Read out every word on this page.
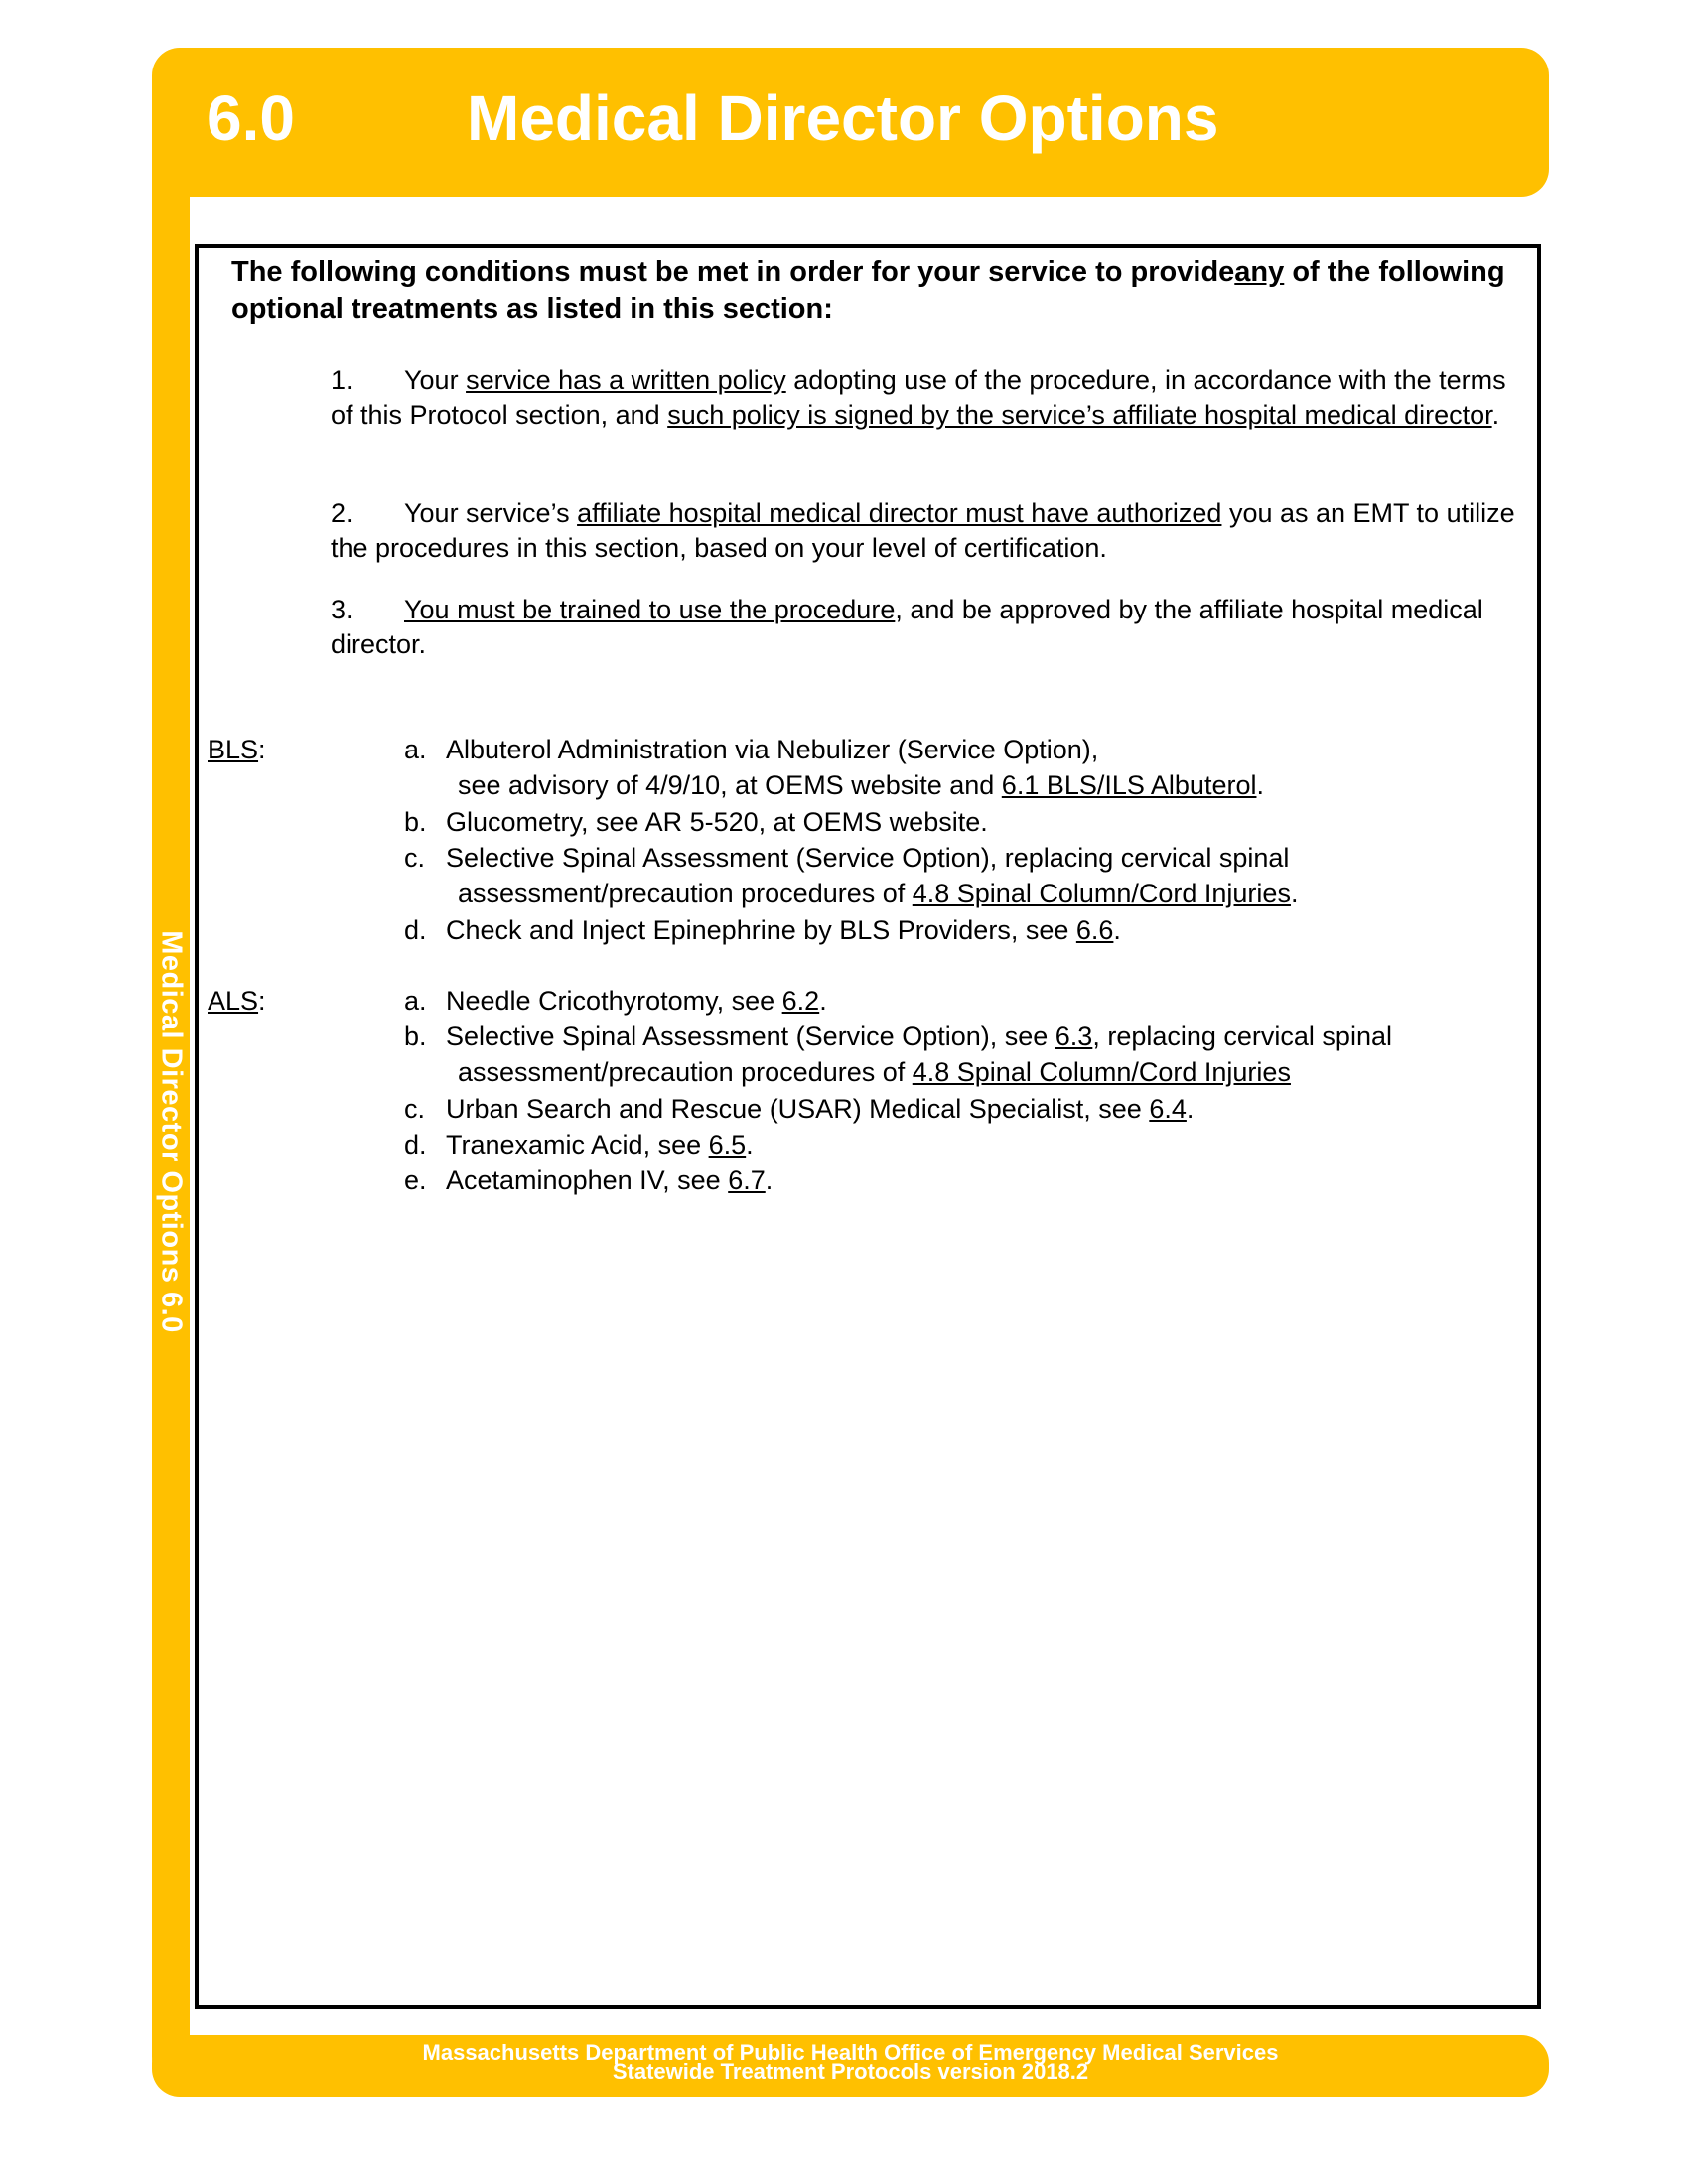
6.0	Medical Director Options
Medical Director Options 6.0
The following conditions must be met in order for your service to provideany of the following optional treatments as listed in this section:
1. Your service has a written policy adopting use of the procedure, in accordance with the terms of this Protocol section, and such policy is signed by the service’s affiliate hospital medical director.
2. Your service’s affiliate hospital medical director must have authorized you as an EMT to utilize the procedures in this section, based on your level of certification.
3. You must be trained to use the procedure, and be approved by the affiliate hospital medical director.
BLS:	a. Albuterol Administration via Nebulizer (Service Option),
see advisory of 4/9/10, at OEMS website and 6.1 BLS/ILS Albuterol.
b. Glucometry, see AR 5-520, at OEMS website.
c. Selective Spinal Assessment (Service Option), replacing cervical spinal
assessment/precaution procedures of 4.8 Spinal Column/Cord Injuries.
d. Check and Inject Epinephrine by BLS Providers, see 6.6.
ALS:	a. Needle Cricothyrotomy, see 6.2.
b. Selective Spinal Assessment (Service Option), see 6.3, replacing cervical spinal
assessment/precaution procedures of 4.8 Spinal Column/Cord Injuries
c. Urban Search and Rescue (USAR) Medical Specialist, see 6.4.
d. Tranexamic Acid, see 6.5.
e. Acetaminophen IV, see 6.7.
Massachusetts Department of Public Health Office of Emergency Medical Services
Statewide Treatment Protocols version 2018.2
